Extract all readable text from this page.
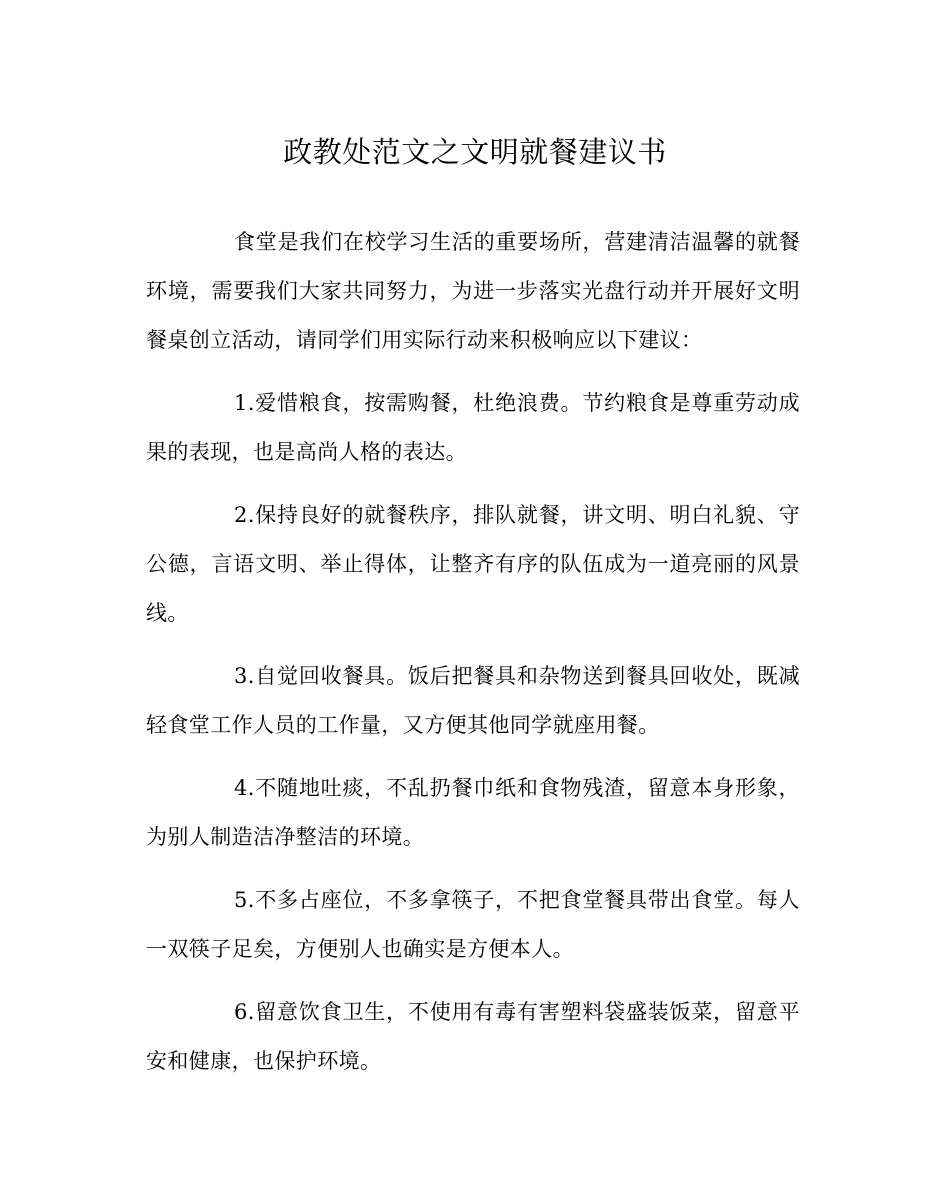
政教处范文之文明就餐建议书

食堂是我们在校学习生活的重要场所，营建清洁温馨的就餐环境，需要我们大家共同努力，为进一步落实光盘行动并开展好文明餐桌创立活动，请同学们用实际行动来积极响应以下建议：

1.爱惜粮食，按需购餐，杜绝浪费。节约粮食是尊重劳动成果的表现，也是高尚人格的表达。

2.保持良好的就餐秩序，排队就餐，讲文明、明白礼貌、守公德，言语文明、举止得体，让整齐有序的队伍成为一道亮丽的风景线。

3.自觉回收餐具。饭后把餐具和杂物送到餐具回收处，既减轻食堂工作人员的工作量，又方便其他同学就座用餐。

4.不随地吐痰，不乱扔餐巾纸和食物残渣，留意本身形象，为别人制造洁净整洁的环境。

5.不多占座位，不多拿筷子，不把食堂餐具带出食堂。每人一双筷子足矣，方便别人也确实是方便本人。

6.留意饮食卫生，不使用有毒有害塑料袋盛装饭菜，留意平安和健康，也保护环境。
